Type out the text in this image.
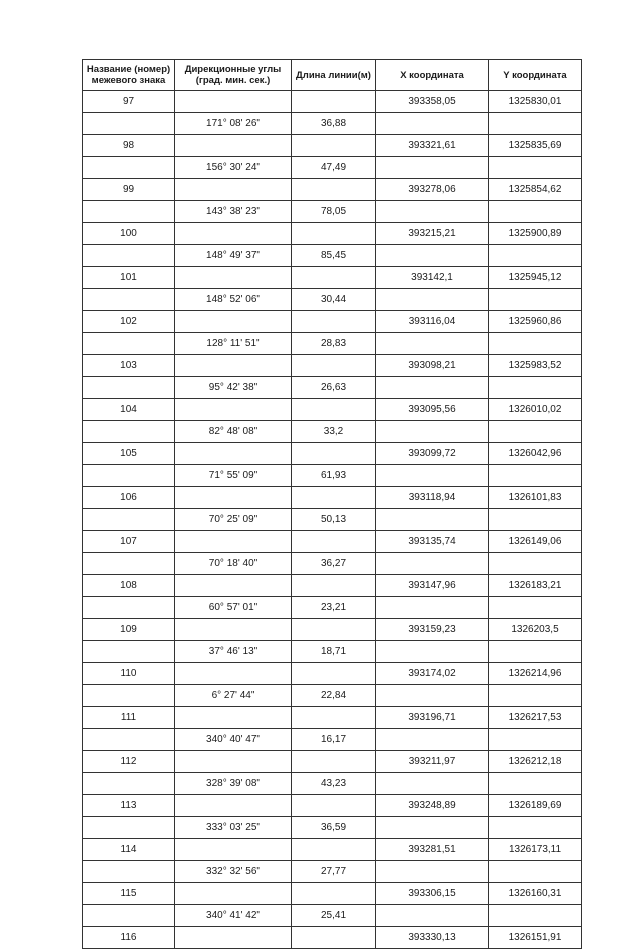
Название (номер) межевого знака	Дирекционные углы (град. мин. сек.)	Длина линии(м)	X координата	Y координата
97			393358,05	1325830,01
	171° 08' 26"	36,88		
98			393321,61	1325835,69
	156° 30' 24"	47,49		
99			393278,06	1325854,62
	143° 38' 23"	78,05		
100			393215,21	1325900,89
	148° 49' 37"	85,45		
101			393142,1	1325945,12
	148° 52' 06"	30,44		
102			393116,04	1325960,86
	128° 11' 51"	28,83		
103			393098,21	1325983,52
	95° 42' 38"	26,63		
104			393095,56	1326010,02
	82° 48' 08"	33,2		
105			393099,72	1326042,96
	71° 55' 09"	61,93		
106			393118,94	1326101,83
	70° 25' 09"	50,13		
107			393135,74	1326149,06
	70° 18' 40"	36,27		
108			393147,96	1326183,21
	60° 57' 01"	23,21		
109			393159,23	1326203,5
	37° 46' 13"	18,71		
110			393174,02	1326214,96
	6° 27' 44"	22,84		
111			393196,71	1326217,53
	340° 40' 47"	16,17		
112			393211,97	1326212,18
	328° 39' 08"	43,23		
113			393248,89	1326189,69
	333° 03' 25"	36,59		
114			393281,51	1326173,11
	332° 32' 56"	27,77		
115			393306,15	1326160,31
	340° 41' 42"	25,41		
116			393330,13	1326151,91
